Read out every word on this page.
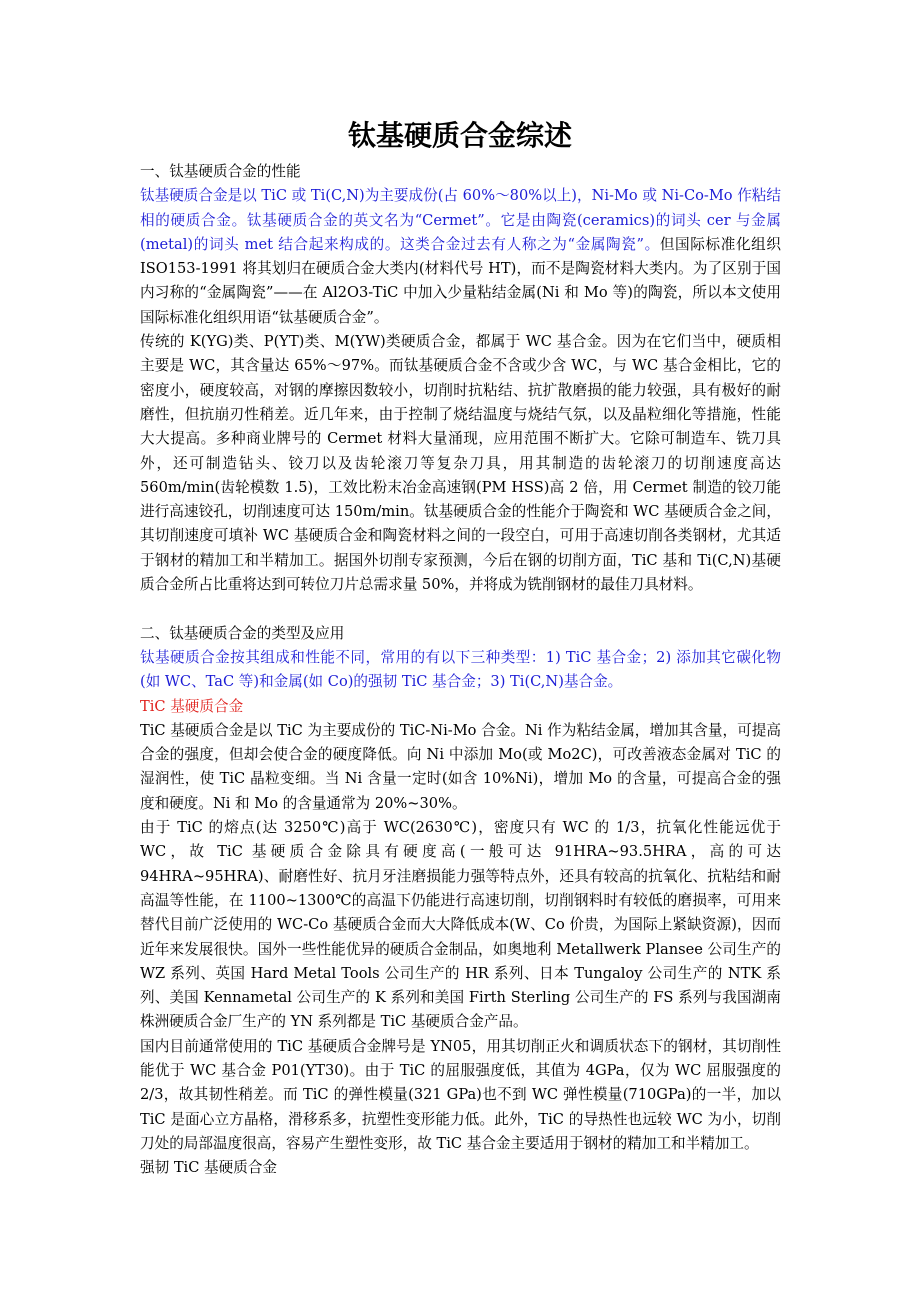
钛基硬质合金综述

一、钛基硬质合金的性能

钛基硬质合金是以 TiC 或 Ti(C,N)为主要成份(占 60%～80%以上)，Ni-Mo 或 Ni-Co-Mo 作粘结相的硬质合金。钛基硬质合金的英文名为“Cermet”。它是由陶瓷(ceramics)的词头 cer 与金属(metal)的词头 met 结合起来构成的。这类合金过去有人称之为“金属陶瓷”。但国际标准化组织 ISO153-1991 将其划归在硬质合金大类内(材料代号 HT)，而不是陶瓷材料大类内。为了区别于国内习称的“金属陶瓷”——在 Al2O3-TiC 中加入少量粘结金属(Ni 和 Mo 等)的陶瓷，所以本文使用国际标准化组织用语“钛基硬质合金”。

传统的 K(YG)类、P(YT)类、M(YW)类硬质合金，都属于 WC 基合金。因为在它们当中，硬质相主要是 WC，其含量达 65%～97%。而钛基硬质合金不含或少含 WC，与 WC 基合金相比，它的密度小，硬度较高，对钢的摩擦因数较小，切削时抗粘结、抗扩散磨损的能力较强，具有极好的耐磨性，但抗崩刃性稍差。近几年来，由于控制了烧结温度与烧结气氛，以及晶粒细化等措施，性能大大提高。多种商业牌号的 Cermet 材料大量涌现，应用范围不断扩大。它除可制造车、铣刀具外，还可制造钻头、铰刀以及齿轮滚刀等复杂刀具，用其制造的齿轮滚刀的切削速度高达 560m/min(齿轮模数 1.5)，工效比粉末冶金高速钢(PM HSS)高 2 倍，用 Cermet 制造的铰刀能进行高速铰孔，切削速度可达 150m/min。钛基硬质合金的性能介于陶瓷和 WC 基硬质合金之间，其切削速度可填补 WC 基硬质合金和陶瓷材料之间的一段空白，可用于高速切削各类钢材，尤其适于钢材的精加工和半精加工。据国外切削专家预测，今后在钢的切削方面，TiC 基和 Ti(C,N)基硬质合金所占比重将达到可转位刀片总需求量 50%，并将成为铣削钢材的最佳刀具材料。

二、钛基硬质合金的类型及应用

钛基硬质合金按其组成和性能不同，常用的有以下三种类型：1) TiC 基合金；2) 添加其它碳化物(如 WC、TaC 等)和金属(如 Co)的强韧 TiC 基合金；3) Ti(C,N)基合金。

TiC 基硬质合金

TiC 基硬质合金是以 TiC 为主要成份的 TiC-Ni-Mo 合金。Ni 作为粘结金属，增加其含量，可提高合金的强度，但却会使合金的硬度降低。向 Ni 中添加 Mo(或 Mo2C)，可改善液态金属对 TiC 的湿润性，使 TiC 晶粒变细。当 Ni 含量一定时(如含 10%Ni)，增加 Mo 的含量，可提高合金的强度和硬度。Ni 和 Mo 的含量通常为 20%~30%。

由于 TiC 的熔点(达 3250℃)高于 WC(2630℃)，密度只有 WC 的 1/3，抗氧化性能远优于 WC，故 TiC 基硬质合金除具有硬度高(一般可达 91HRA~93.5HRA，高的可达 94HRA~95HRA)、耐磨性好、抗月牙洼磨损能力强等特点外，还具有较高的抗氧化、抗粘结和耐高温等性能，在 1100~1300℃的高温下仍能进行高速切削，切削钢料时有较低的磨损率，可用来替代目前广泛使用的 WC-Co 基硬质合金而大大降低成本(W、Co 价贵，为国际上紧缺资源)，因而近年来发展很快。国外一些性能优异的硬质合金制品，如奥地利 Metallwerk Plansee 公司生产的 WZ 系列、英国 Hard Metal Tools 公司生产的 HR 系列、日本 Tungaloy 公司生产的 NTK 系列、美国 Kennametal 公司生产的 K 系列和美国 Firth Sterling 公司生产的 FS 系列与我国湖南株洲硬质合金厂生产的 YN 系列都是 TiC 基硬质合金产品。

国内目前通常使用的 TiC 基硬质合金牌号是 YN05，用其切削正火和调质状态下的钢材，其切削性能优于 WC 基合金 P01(YT30)。由于 TiC 的屈服强度低，其值为 4GPa，仅为 WC 屈服强度的 2/3，故其韧性稍差。而 TiC 的弹性模量(321 GPa)也不到 WC 弹性模量(710GPa)的一半，加以 TiC 是面心立方晶格，滑移系多，抗塑性变形能力低。此外，TiC 的导热性也远较 WC 为小，切削刀处的局部温度很高，容易产生塑性变形，故 TiC 基合金主要适用于钢材的精加工和半精加工。

强韧 TiC 基硬质合金
